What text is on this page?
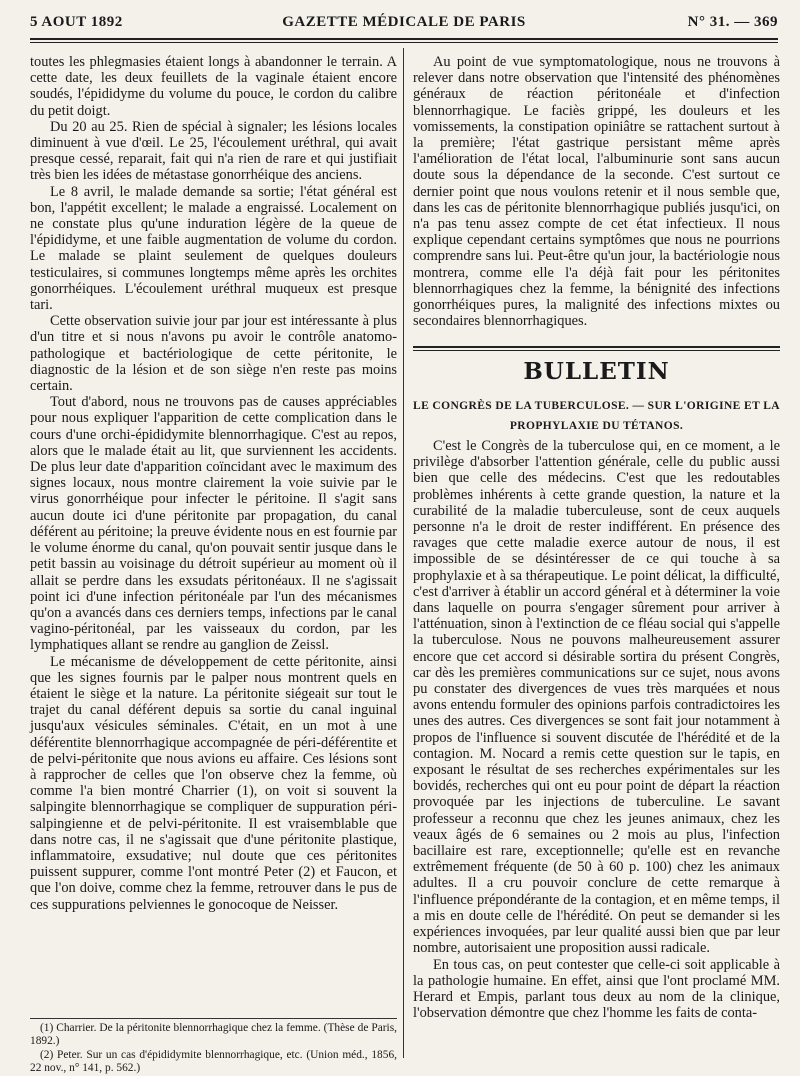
5 AOUT 1892	GAZETTE MÉDICALE DE PARIS	N° 31. — 369

toutes les phlegmasies étaient longs à abandonner le terrain. A cette date, les deux feuillets de la vaginale étaient encore soudés, l'épididyme du volume du pouce, le cordon du calibre du petit doigt.

Du 20 au 25. Rien de spécial à signaler; les lésions locales diminuent à vue d'œil. Le 25, l'écoulement uréthral, qui avait presque cessé, reparait, fait qui n'a rien de rare et qui justifiait très bien les idées de métastase gonorrhéique des anciens.

Le 8 avril, le malade demande sa sortie; l'état général est bon, l'appétit excellent; le malade a engraissé. Localement on ne constate plus qu'une induration légère de la queue de l'épididyme, et une faible augmentation de volume du cordon. Le malade se plaint seulement de quelques douleurs testiculaires, si communes longtemps même après les orchites gonorrhéiques. L'écoulement uréthral muqueux est presque tari.

Cette observation suivie jour par jour est intéressante à plus d'un titre et si nous n'avons pu avoir le contrôle anatomo-pathologique et bactériologique de cette péritonite, le diagnostic de la lésion et de son siège n'en reste pas moins certain.

Tout d'abord, nous ne trouvons pas de causes appréciables pour nous expliquer l'apparition de cette complication dans le cours d'une orchi-épididymite blennorrhagique. C'est au repos, alors que le malade était au lit, que surviennent les accidents. De plus leur date d'apparition coïncidant avec le maximum des signes locaux, nous montre clairement la voie suivie par le virus gonorrhéique pour infecter le péritoine. Il s'agit sans aucun doute ici d'une péritonite par propagation, du canal déférent au péritoine; la preuve évidente nous en est fournie par le volume énorme du canal, qu'on pouvait sentir jusque dans le petit bassin au voisinage du détroit supérieur au moment où il allait se perdre dans les exsudats péritonéaux. Il ne s'agissait point ici d'une infection péritonéale par l'un des mécanismes qu'on a avancés dans ces derniers temps, infections par le canal vagino-péritonéal, par les vaisseaux du cordon, par les lymphatiques allant se rendre au ganglion de Zeissl.

Le mécanisme de développement de cette péritonite, ainsi que les signes fournis par le palper nous montrent quels en étaient le siège et la nature. La péritonite siégeait sur tout le trajet du canal déférent depuis sa sortie du canal inguinal jusqu'aux vésicules séminales. C'était, en un mot à une déférentite blennorrhagique accompagnée de péri-déférentite et de pelvi-péritonite que nous avions eu affaire. Ces lésions sont à rapprocher de celles que l'on observe chez la femme, où comme l'a bien montré Charrier (1), on voit si souvent la salpingite blennorrhagique se compliquer de suppuration péri-salpingienne et de pelvi-péritonite. Il est vraisemblable que dans notre cas, il ne s'agissait que d'une péritonite plastique, inflammatoire, exsudative; nul doute que ces péritonites puissent suppurer, comme l'ont montré Peter (2) et Faucon, et que l'on doive, comme chez la femme, retrouver dans le pus de ces suppurations pelviennes le gonocoque de Neisser.

(1) Charrier. De la péritonite blennorrhagique chez la femme. (Thèse de Paris, 1892.)

(2) Peter. Sur un cas d'épididymite blennorrhagique, etc. (Union méd., 1856, 22 nov., n° 141, p. 562.)

Au point de vue symptomatologique, nous ne trouvons à relever dans notre observation que l'intensité des phénomènes généraux de réaction péritonéale et d'infection blennorrhagique. Le faciès grippé, les douleurs et les vomissements, la constipation opiniâtre se rattachent surtout à la première; l'état gastrique persistant même après l'amélioration de l'état local, l'albuminurie sont sans aucun doute sous la dépendance de la seconde. C'est surtout ce dernier point que nous voulons retenir et il nous semble que, dans les cas de péritonite blennorrhagique publiés jusqu'ici, on n'a pas tenu assez compte de cet état infectieux. Il nous explique cependant certains symptômes que nous ne pourrions comprendre sans lui. Peut-être qu'un jour, la bactériologie nous montrera, comme elle l'a déjà fait pour les péritonites blennorrhagiques chez la femme, la bénignité des infections gonorrhéiques pures, la malignité des infections mixtes ou secondaires blennorrhagiques.

BULLETIN
LE CONGRÈS DE LA TUBERCULOSE. — SUR L'ORIGINE ET LA PROPHYLAXIE DU TÉTANOS.

C'est le Congrès de la tuberculose qui, en ce moment, a le privilège d'absorber l'attention générale, celle du public aussi bien que celle des médecins. C'est que les redoutables problèmes inhérents à cette grande question, la nature et la curabilité de la maladie tuberculeuse, sont de ceux auquels personne n'a le droit de rester indifférent. En présence des ravages que cette maladie exerce autour de nous, il est impossible de se désintéresser de ce qui touche à sa prophylaxie et à sa thérapeutique. Le point délicat, la difficulté, c'est d'arriver à établir un accord général et à déterminer la voie dans laquelle on pourra s'engager sûrement pour arriver à l'atténuation, sinon à l'extinction de ce fléau social qui s'appelle la tuberculose. Nous ne pouvons malheureusement assurer encore que cet accord si désirable sortira du présent Congrès, car dès les premières communications sur ce sujet, nous avons pu constater des divergences de vues très marquées et nous avons entendu formuler des opinions parfois contradictoires les unes des autres. Ces divergences se sont fait jour notamment à propos de l'influence si souvent discutée de l'hérédité et de la contagion. M. Nocard a remis cette question sur le tapis, en exposant le résultat de ses recherches expérimentales sur les bovidés, recherches qui ont eu pour point de départ la réaction provoquée par les injections de tuberculine. Le savant professeur a reconnu que chez les jeunes animaux, chez les veaux âgés de 6 semaines ou 2 mois au plus, l'infection bacillaire est rare, exceptionnelle; qu'elle est en revanche extrêmement fréquente (de 50 à 60 p. 100) chez les animaux adultes. Il a cru pouvoir conclure de cette remarque à l'influence prépondérante de la contagion, et en même temps, il a mis en doute celle de l'hérédité. On peut se demander si les expériences invoquées, par leur qualité aussi bien que par leur nombre, autorisaient une proposition aussi radicale.

En tous cas, on peut contester que celle-ci soit applicable à la pathologie humaine. En effet, ainsi que l'ont proclamé MM. Herard et Empis, parlant tous deux au nom de la clinique, l'observation démontre que chez l'homme les faits de conta-
